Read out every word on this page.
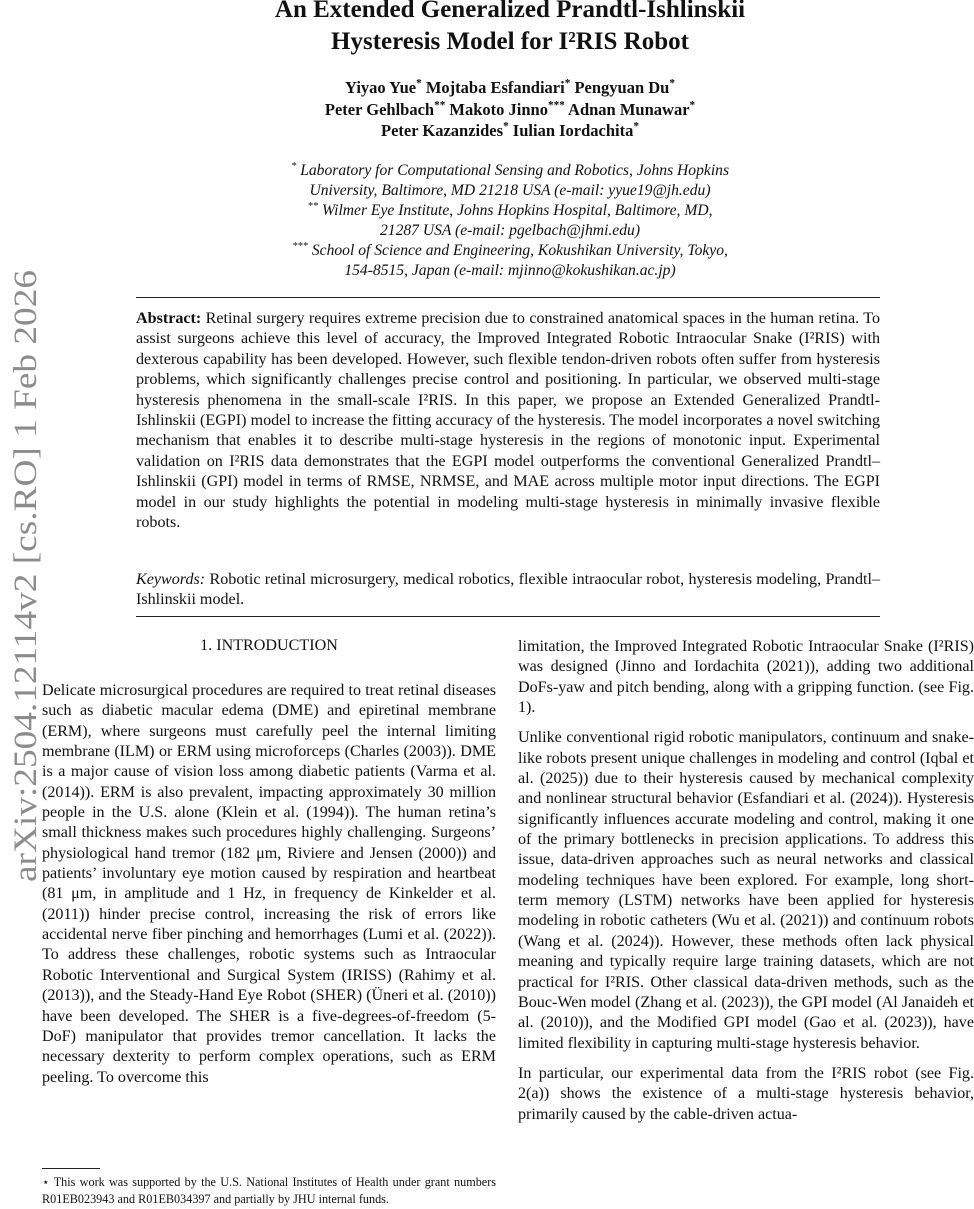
arXiv:2504.12114v2 [cs.RO] 1 Feb 2026
An Extended Generalized Prandtl-Ishlinskii
Hysteresis Model for I²RIS Robot
Yiyao Yue* Mojtaba Esfandiari* Pengyuan Du*
Peter Gehlbach** Makoto Jinno*** Adnan Munawar*
Peter Kazanzides* Iulian Iordachita*
* Laboratory for Computational Sensing and Robotics, Johns Hopkins
University, Baltimore, MD 21218 USA (e-mail: yyue19@jh.edu)
** Wilmer Eye Institute, Johns Hopkins Hospital, Baltimore, MD,
21287 USA (e-mail: pgelbach@jhmi.edu)
*** School of Science and Engineering, Kokushikan University, Tokyo,
154-8515, Japan (e-mail: mjinno@kokushikan.ac.jp)
Abstract: Retinal surgery requires extreme precision due to constrained anatomical spaces in the human retina. To assist surgeons achieve this level of accuracy, the Improved Integrated Robotic Intraocular Snake (I²RIS) with dexterous capability has been developed. However, such flexible tendon-driven robots often suffer from hysteresis problems, which significantly challenges precise control and positioning. In particular, we observed multi-stage hysteresis phenomena in the small-scale I²RIS. In this paper, we propose an Extended Generalized Prandtl-Ishlinskii (EGPI) model to increase the fitting accuracy of the hysteresis. The model incorporates a novel switching mechanism that enables it to describe multi-stage hysteresis in the regions of monotonic input. Experimental validation on I²RIS data demonstrates that the EGPI model outperforms the conventional Generalized Prandtl–Ishlinskii (GPI) model in terms of RMSE, NRMSE, and MAE across multiple motor input directions. The EGPI model in our study highlights the potential in modeling multi-stage hysteresis in minimally invasive flexible robots.
Keywords: Robotic retinal microsurgery, medical robotics, flexible intraocular robot, hysteresis modeling, Prandtl–Ishlinskii model.
1. INTRODUCTION

Delicate microsurgical procedures are required to treat retinal diseases such as diabetic macular edema (DME) and epiretinal membrane (ERM), where surgeons must carefully peel the internal limiting membrane (ILM) or ERM using microforceps (Charles (2003)). DME is a major cause of vision loss among diabetic patients (Varma et al. (2014)). ERM is also prevalent, impacting approximately 30 million people in the U.S. alone (Klein et al. (1994)). The human retina’s small thickness makes such procedures highly challenging. Surgeons’ physiological hand tremor (182 μm, Riviere and Jensen (2000)) and patients’ involuntary eye motion caused by respiration and heartbeat (81 μm, in amplitude and 1 Hz, in frequency de Kinkelder et al. (2011)) hinder precise control, increasing the risk of errors like accidental nerve fiber pinching and hemorrhages (Lumi et al. (2022)). To address these challenges, robotic systems such as Intraocular Robotic Interventional and Surgical System (IRISS) (Rahimy et al. (2013)), and the Steady-Hand Eye Robot (SHER) (Üneri et al. (2010)) have been developed. The SHER is a five-degrees-of-freedom (5-DoF) manipulator that provides tremor cancellation. It lacks the necessary dexterity to perform complex operations, such as ERM peeling. To overcome this

⋆ This work was supported by the U.S. National Institutes of Health under grant numbers R01EB023943 and R01EB034397 and partially by JHU internal funds.

limitation, the Improved Integrated Robotic Intraocular Snake (I²RIS) was designed (Jinno and Iordachita (2021)), adding two additional DoFs-yaw and pitch bending, along with a gripping function. (see Fig. 1).

Unlike conventional rigid robotic manipulators, continuum and snake-like robots present unique challenges in modeling and control (Iqbal et al. (2025)) due to their hysteresis caused by mechanical complexity and nonlinear structural behavior (Esfandiari et al. (2024)). Hysteresis significantly influences accurate modeling and control, making it one of the primary bottlenecks in precision applications. To address this issue, data-driven approaches such as neural networks and classical modeling techniques have been explored. For example, long short-term memory (LSTM) networks have been applied for hysteresis modeling in robotic catheters (Wu et al. (2021)) and continuum robots (Wang et al. (2024)). However, these methods often lack physical meaning and typically require large training datasets, which are not practical for I²RIS. Other classical data-driven methods, such as the Bouc-Wen model (Zhang et al. (2023)), the GPI model (Al Janaideh et al. (2010)), and the Modified GPI model (Gao et al. (2023)), have limited flexibility in capturing multi-stage hysteresis behavior.

In particular, our experimental data from the I²RIS robot (see Fig. 2(a)) shows the existence of a multi-stage hysteresis behavior, primarily caused by the cable-driven actua-
